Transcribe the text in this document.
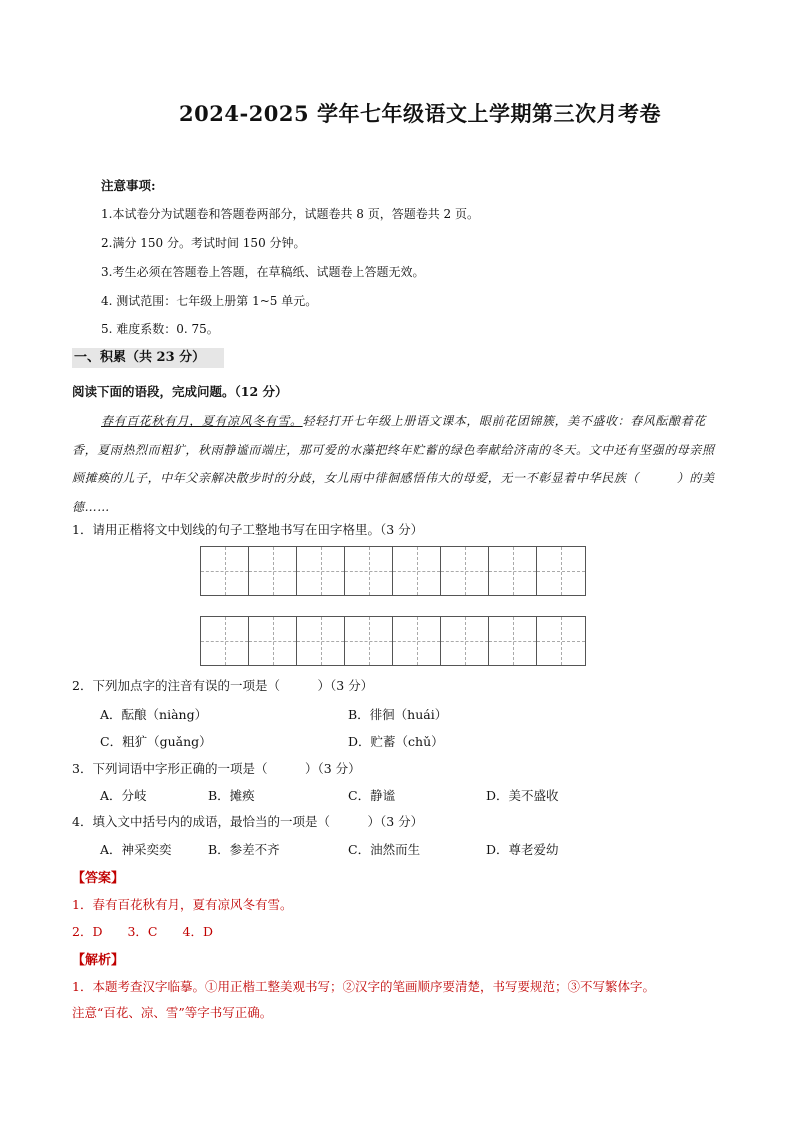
2024-2025 学年七年级语文上学期第三次月考卷
注意事项:
1.本试卷分为试题卷和答题卷两部分，试题卷共 8 页，答题卷共 2 页。
2.满分 150 分。考试时间 150 分钟。
3.考生必须在答题卷上答题，在草稿纸、试题卷上答题无效。
4. 测试范围：七年级上册第 1~5 单元。
5. 难度系数：0. 75。
一、积累（共 23 分）
阅读下面的语段，完成问题。（12 分）
春有百花秋有月，夏有凉风冬有雪。轻轻打开七年级上册语文课本，眼前花团锦簇，美不盛收：春风酝酿着花香，夏雨热烈而粗犷，秋雨静谧而端庄，那可爱的水藻把终年贮蓄的绿色奉献给济南的冬天。文中还有坚强的母亲照顾摊痪的儿子，中年父亲解决散步时的分歧，女儿雨中徘徊感悟伟大的母爱，无一不彰显着中华民族（　　　）的美德……
1．请用正楷将文中划线的句子工整地书写在田字格里。（3 分）
2．下列加点字的注音有误的一项是（　　　）（3 分）
A．酝酿（niàng）	B．徘徊（huái）
C．粗犷（guǎng）	D．贮蓄（chǔ）
3．下列词语中字形正确的一项是（　　　）（3 分）
A．分岐	B．摊痪	C．静谧	D．美不盛收
4．填入文中括号内的成语，最恰当的一项是（　　　）（3 分）
A．神采奕奕	B．参差不齐	C．油然而生	D．尊老爱幼
【答案】
1．春有百花秋有月，夏有凉风冬有雪。
2．D　　3．C　　4．D
【解析】
1．本题考查汉字临摹。①用正楷工整美观书写；②汉字的笔画顺序要清楚，书写要规范；③不写繁体字。
注意“百花、凉、雪”等字书写正确。
